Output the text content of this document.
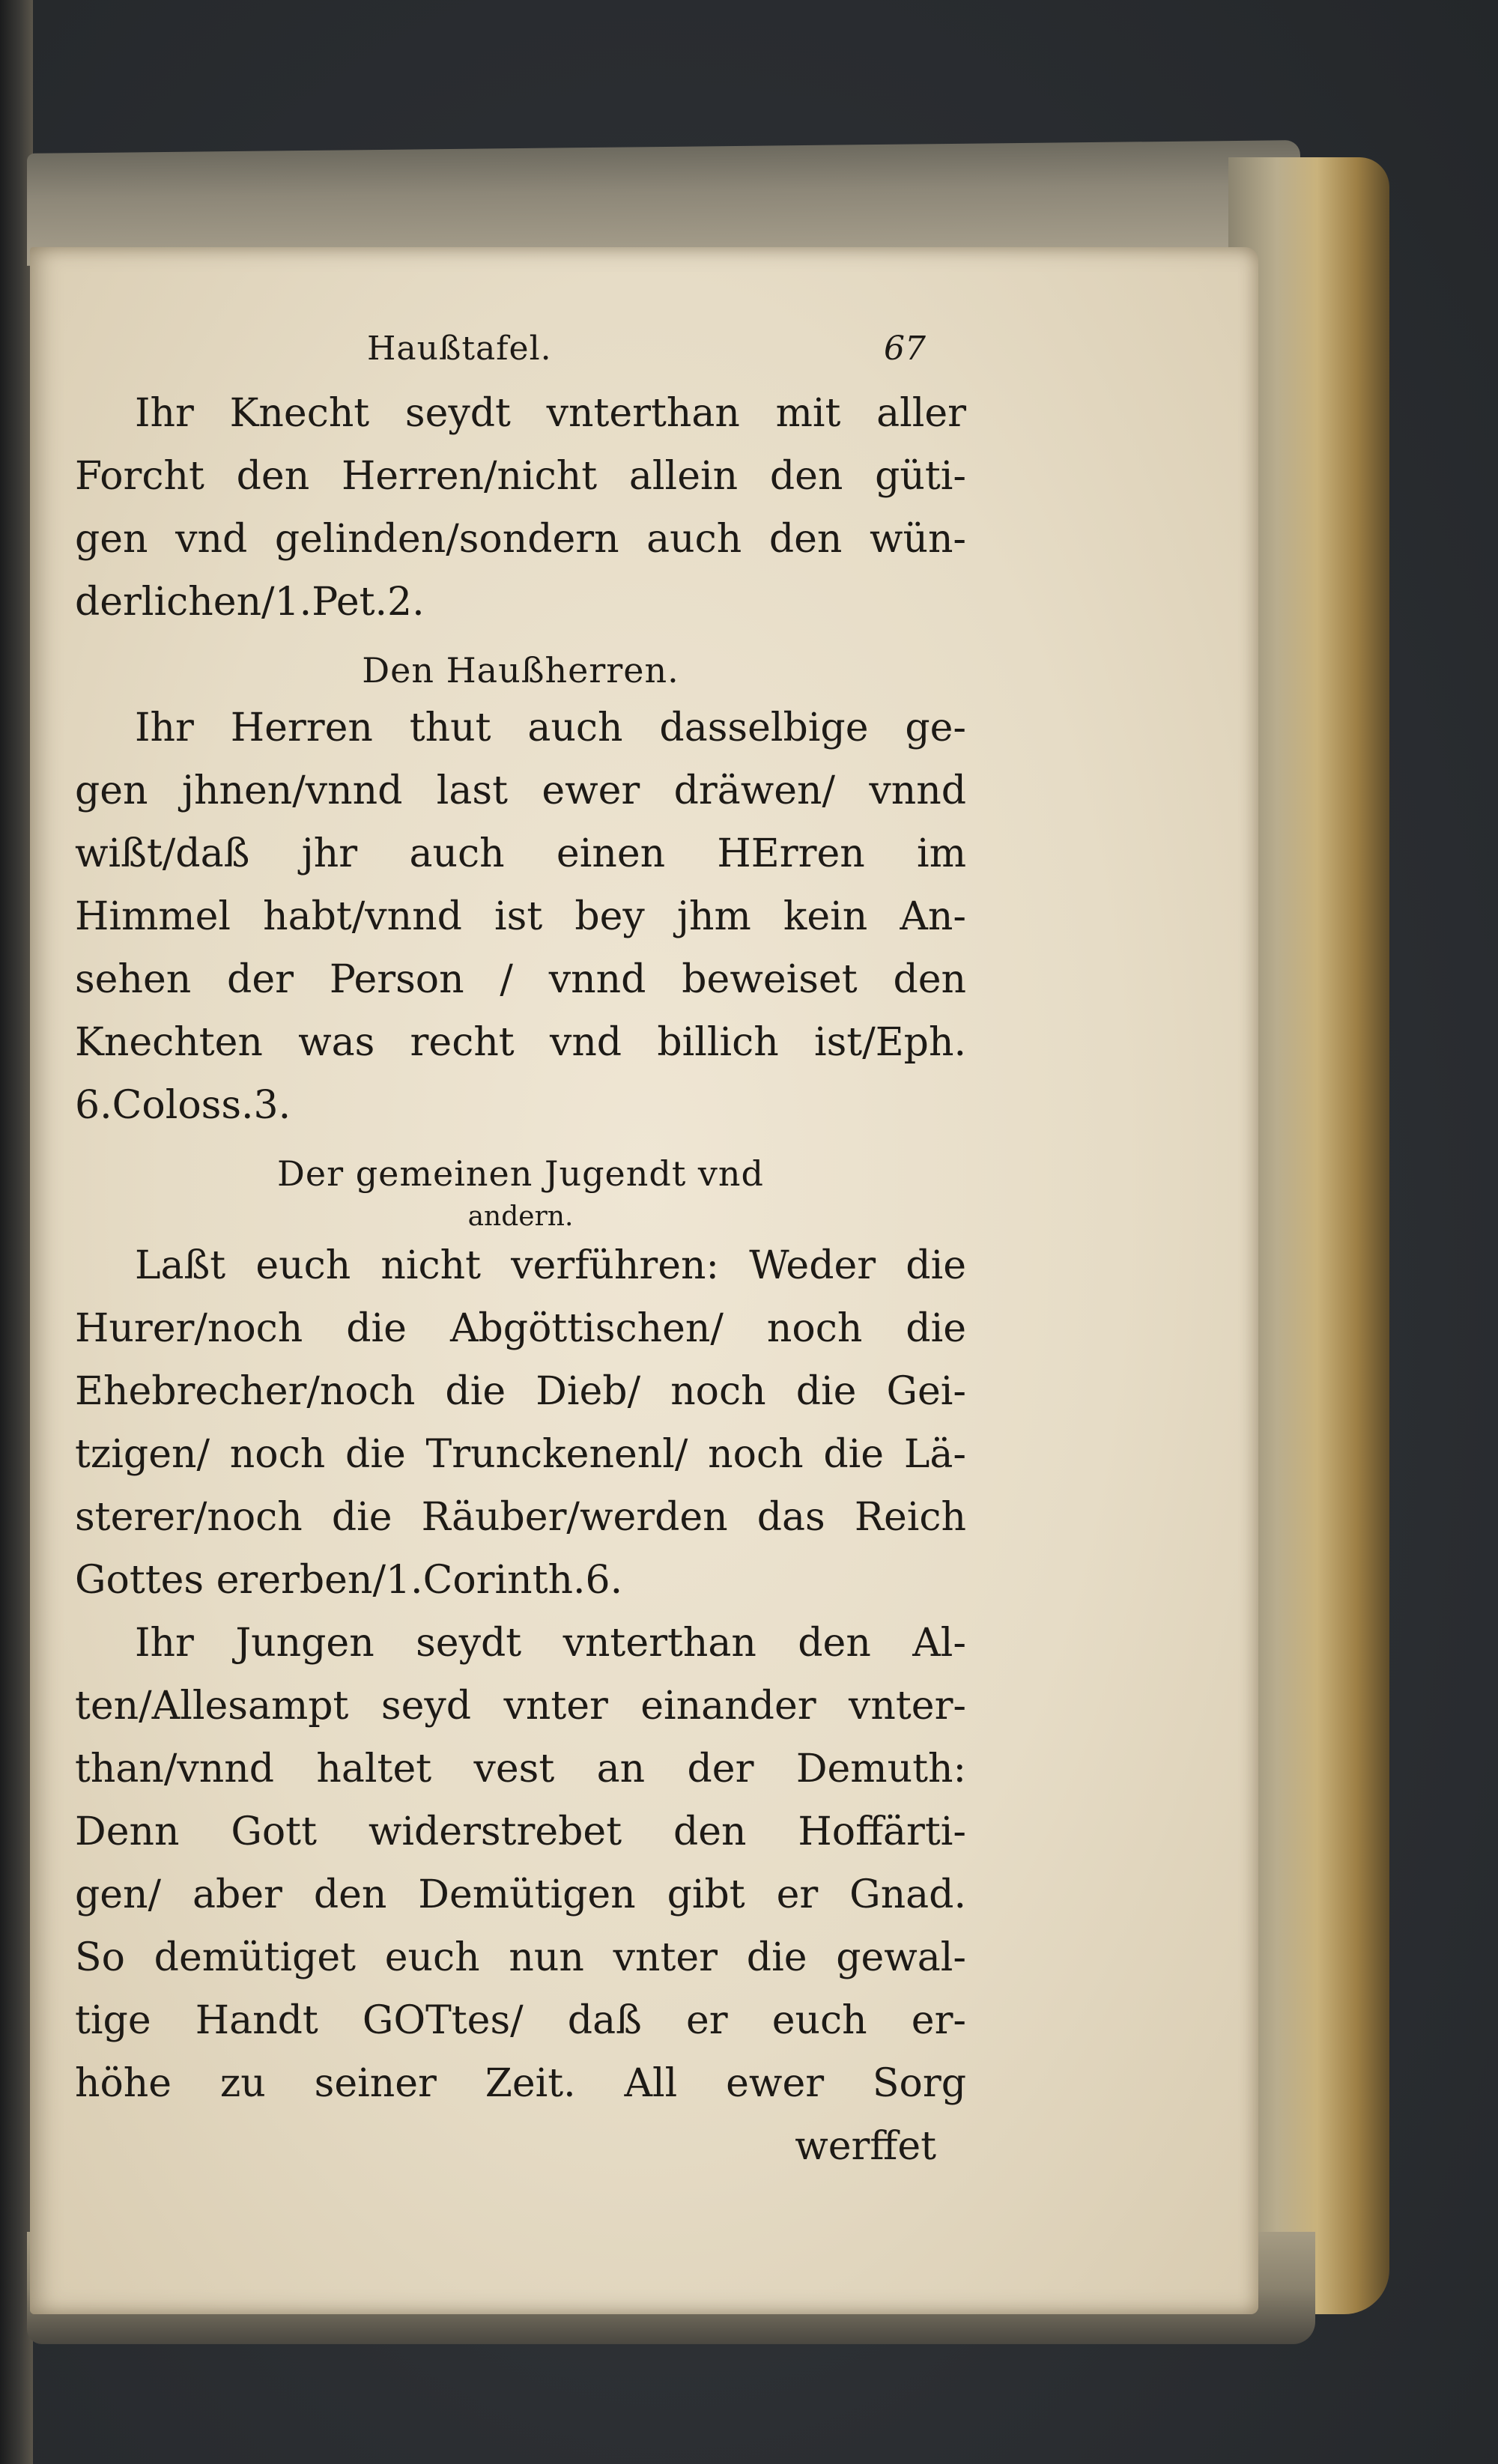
Haußtafel.	67

Ihr Knecht seydt vnterthan mit aller
Forcht den Herren/nicht allein den güti-
gen vnd gelinden/sondern auch den wün-
derlichen/1.Pet.2.

Den Haußherren.

Ihr Herren thut auch dasselbige ge-
gen jhnen/vnnd last ewer dräwen/ vnnd
wißt/daß jhr auch einen HErren im
Himmel habt/vnnd ist bey jhm kein An-
sehen der Person / vnnd beweiset den
Knechten was recht vnd billich ist/Eph.
6.Coloss.3.

Der gemeinen Jugendt vnd

andern.

Laßt euch nicht verführen: Weder die
Hurer/noch die Abgöttischen/ noch die
Ehebrecher/noch die Dieb/ noch die Gei-
tzigen/ noch die Trunckenenl/ noch die Lä-
sterer/noch die Räuber/werden das Reich
Gottes ererben/1.Corinth.6.

Ihr Jungen seydt vnterthan den Al-
ten/Allesampt seyd vnter einander vnter-
than/vnnd haltet vest an der Demuth:
Denn Gott widerstrebet den Hoffärti-
gen/ aber den Demütigen gibt er Gnad.
So demütiget euch nun vnter die gewal-
tige Handt GOTtes/ daß er euch er-
höhe zu seiner Zeit. All ewer Sorg

werffet
